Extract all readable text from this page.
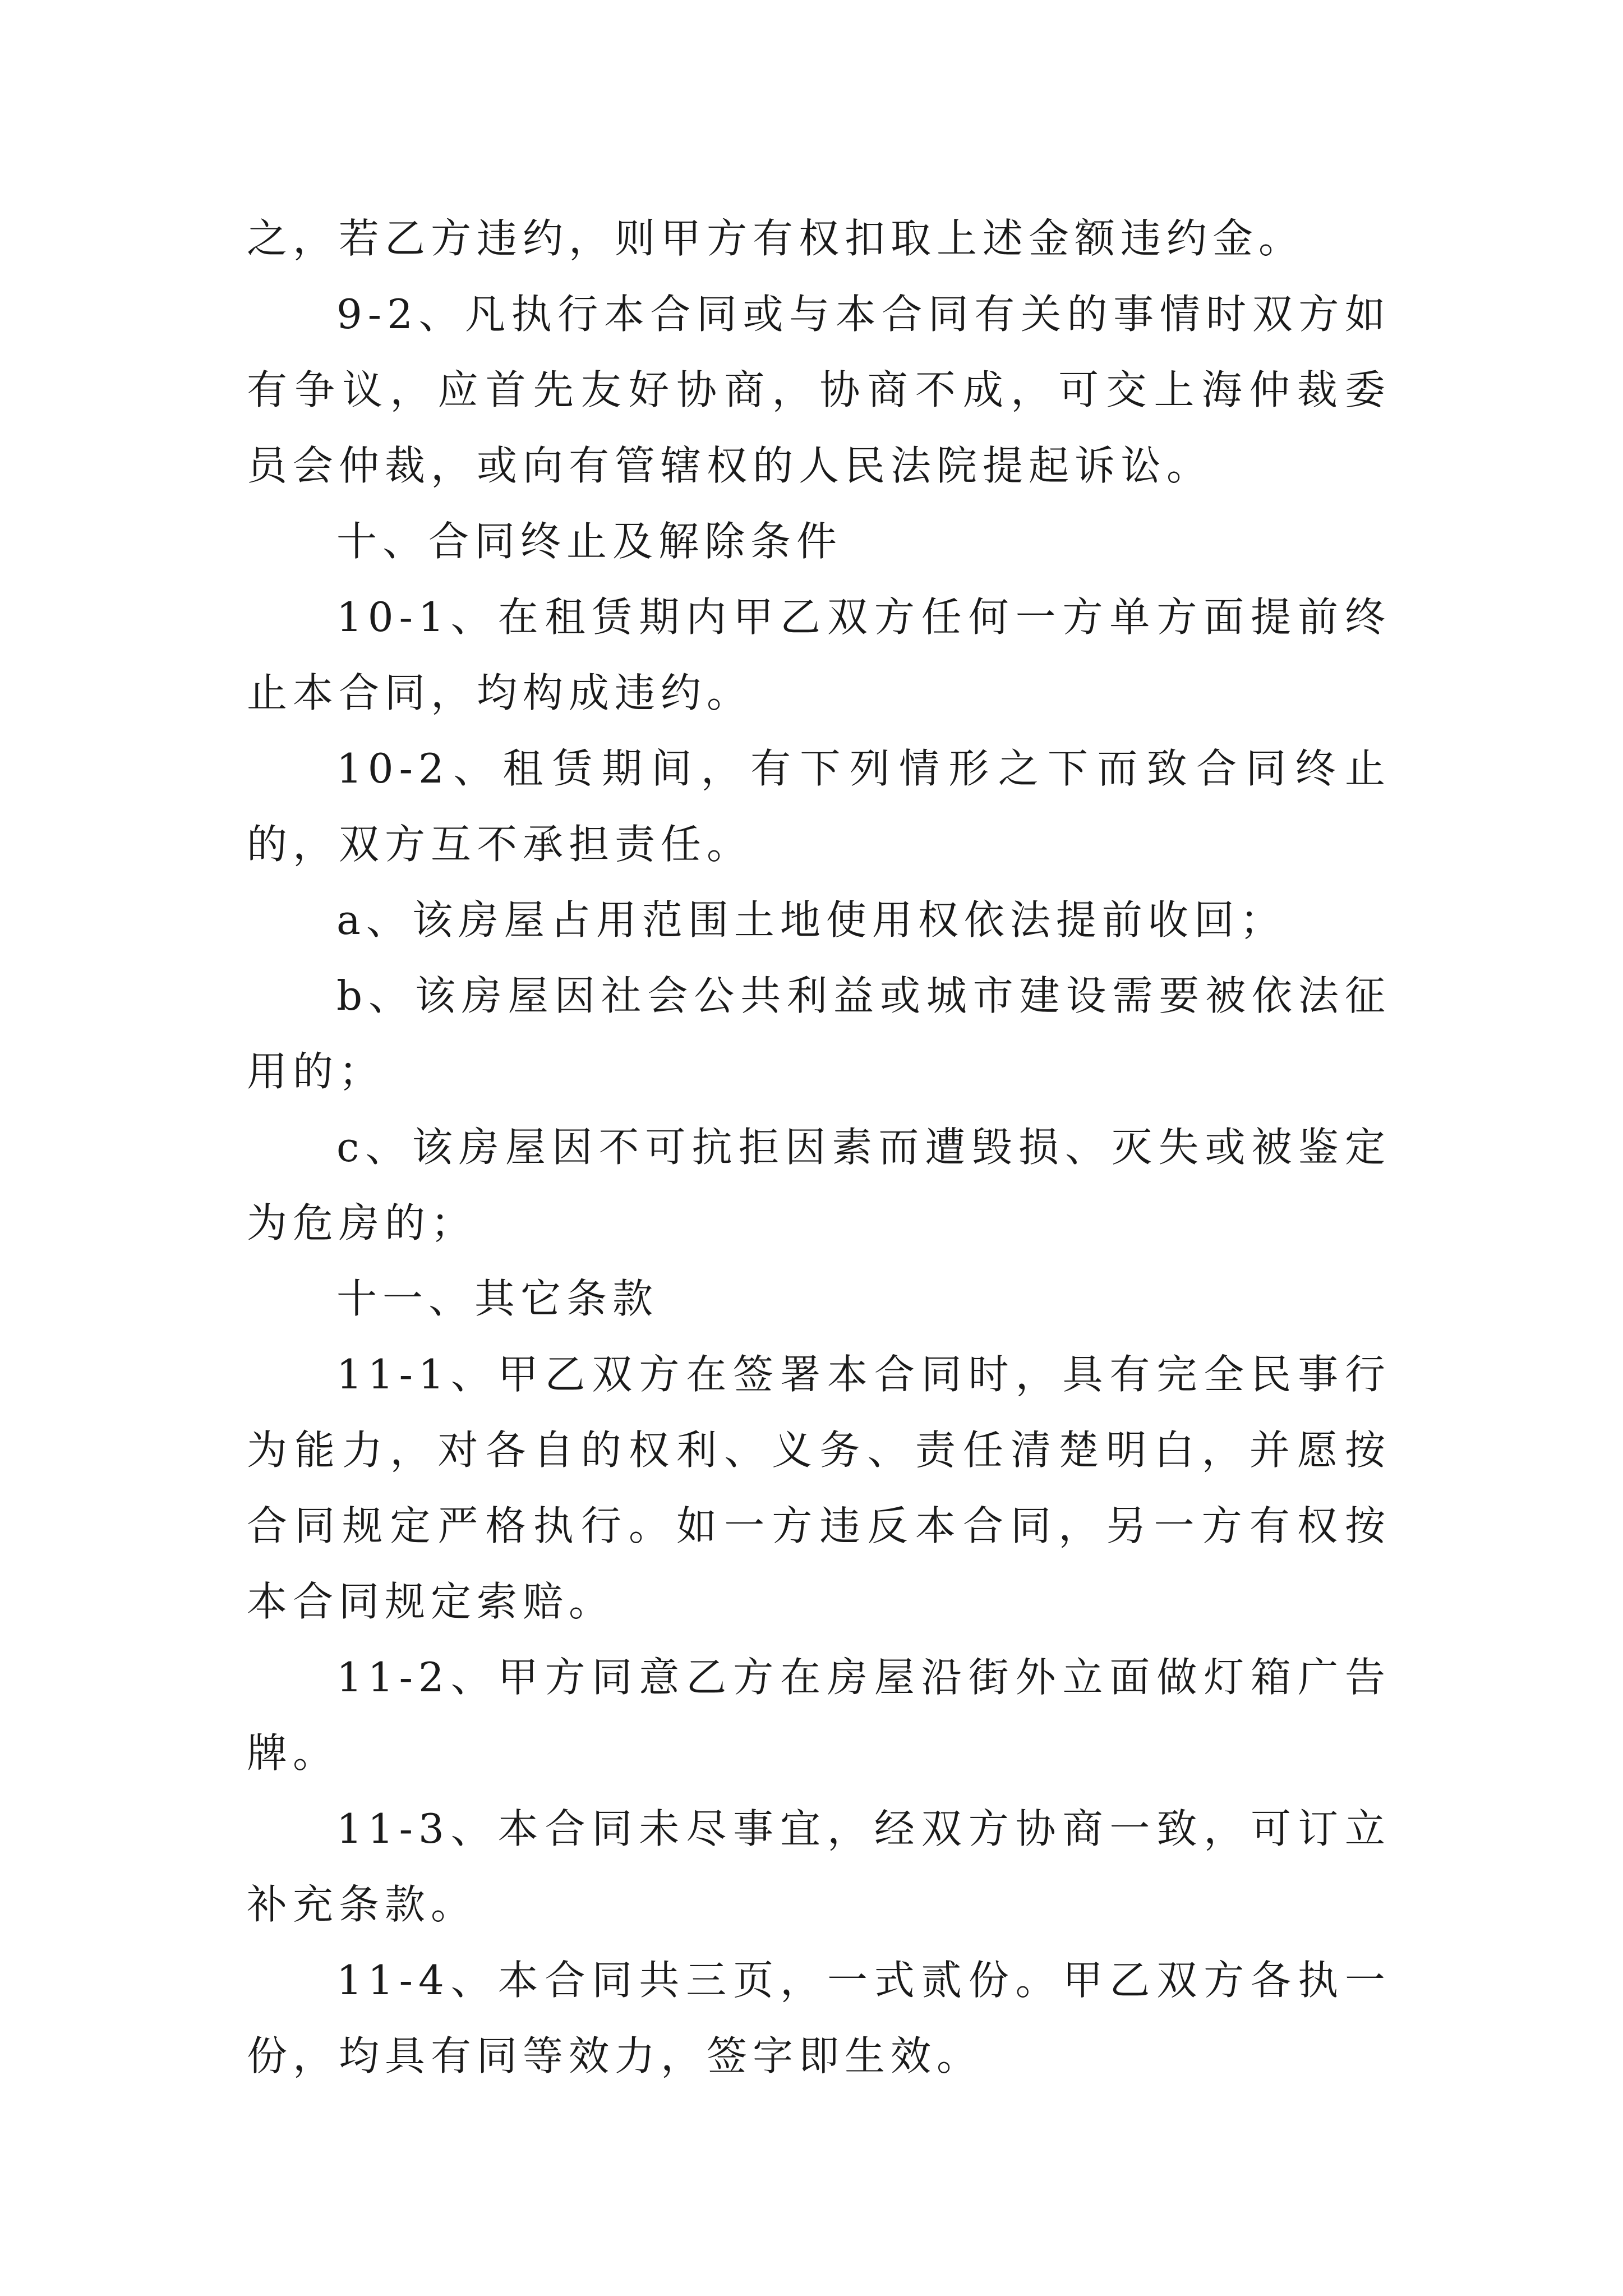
之，若乙方违约，则甲方有权扣取上述金额违约金。

9-2、凡执行本合同或与本合同有关的事情时双方如有争议，应首先友好协商，协商不成，可交上海仲裁委员会仲裁，或向有管辖权的人民法院提起诉讼。

十、合同终止及解除条件

10-1、在租赁期内甲乙双方任何一方单方面提前终止本合同，均构成违约。

10-2、租赁期间，有下列情形之下而致合同终止的，双方互不承担责任。

a、该房屋占用范围土地使用权依法提前收回；

b、该房屋因社会公共利益或城市建设需要被依法征用的；

c、该房屋因不可抗拒因素而遭毁损、灭失或被鉴定为危房的；

十一、其它条款

11-1、甲乙双方在签署本合同时，具有完全民事行为能力，对各自的权利、义务、责任清楚明白，并愿按合同规定严格执行。如一方违反本合同，另一方有权按本合同规定索赔。

11-2、甲方同意乙方在房屋沿街外立面做灯箱广告牌。

11-3、本合同未尽事宜，经双方协商一致，可订立补充条款。

11-4、本合同共三页，一式贰份。甲乙双方各执一份，均具有同等效力，签字即生效。
